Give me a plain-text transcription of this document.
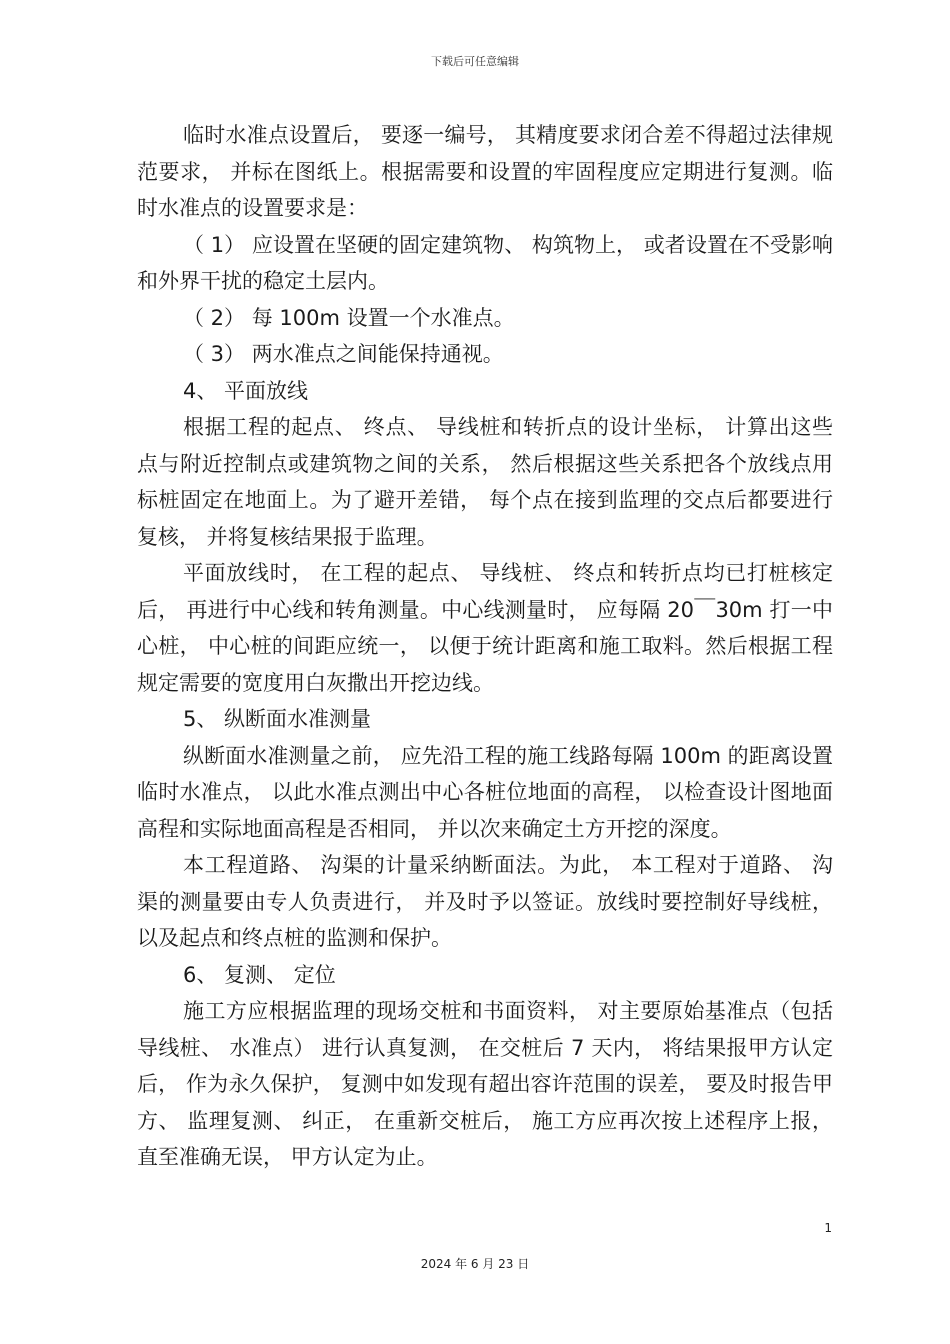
下载后可任意编辑

临时水准点设置后， 要逐一编号， 其精度要求闭合差不得超过法律规范要求， 并标在图纸上。根据需要和设置的牢固程度应定期进行复测。临时水准点的设置要求是：

（ 1） 应设置在坚硬的固定建筑物、 构筑物上， 或者设置在不受影响和外界干扰的稳定土层内。

（ 2） 每 100m 设置一个水准点。

（ 3） 两水准点之间能保持通视。

4、 平面放线

根据工程的起点、 终点、 导线桩和转折点的设计坐标， 计算出这些点与附近控制点或建筑物之间的关系， 然后根据这些关系把各个放线点用标桩固定在地面上。为了避开差错， 每个点在接到监理的交点后都要进行复核， 并将复核结果报于监理。

平面放线时， 在工程的起点、 导线桩、 终点和转折点均已打桩核定后， 再进行中心线和转角测量。中心线测量时， 应每隔 20￣30m 打一中心桩， 中心桩的间距应统一， 以便于统计距离和施工取料。然后根据工程规定需要的宽度用白灰撒出开挖边线。

5、 纵断面水准测量

纵断面水准测量之前， 应先沿工程的施工线路每隔 100m 的距离设置临时水准点， 以此水准点测出中心各桩位地面的高程， 以检查设计图地面高程和实际地面高程是否相同， 并以次来确定土方开挖的深度。

本工程道路、 沟渠的计量采纳断面法。为此， 本工程对于道路、 沟渠的测量要由专人负责进行， 并及时予以签证。放线时要控制好导线桩， 以及起点和终点桩的监测和保护。

6、 复测、 定位

施工方应根据监理的现场交桩和书面资料， 对主要原始基准点（包括导线桩、 水准点） 进行认真复测， 在交桩后 7 天内， 将结果报甲方认定后， 作为永久保护， 复测中如发现有超出容许范围的误差， 要及时报告甲方、 监理复测、 纠正， 在重新交桩后， 施工方应再次按上述程序上报， 直至准确无误， 甲方认定为止。

1
2024 年 6 月 23 日
